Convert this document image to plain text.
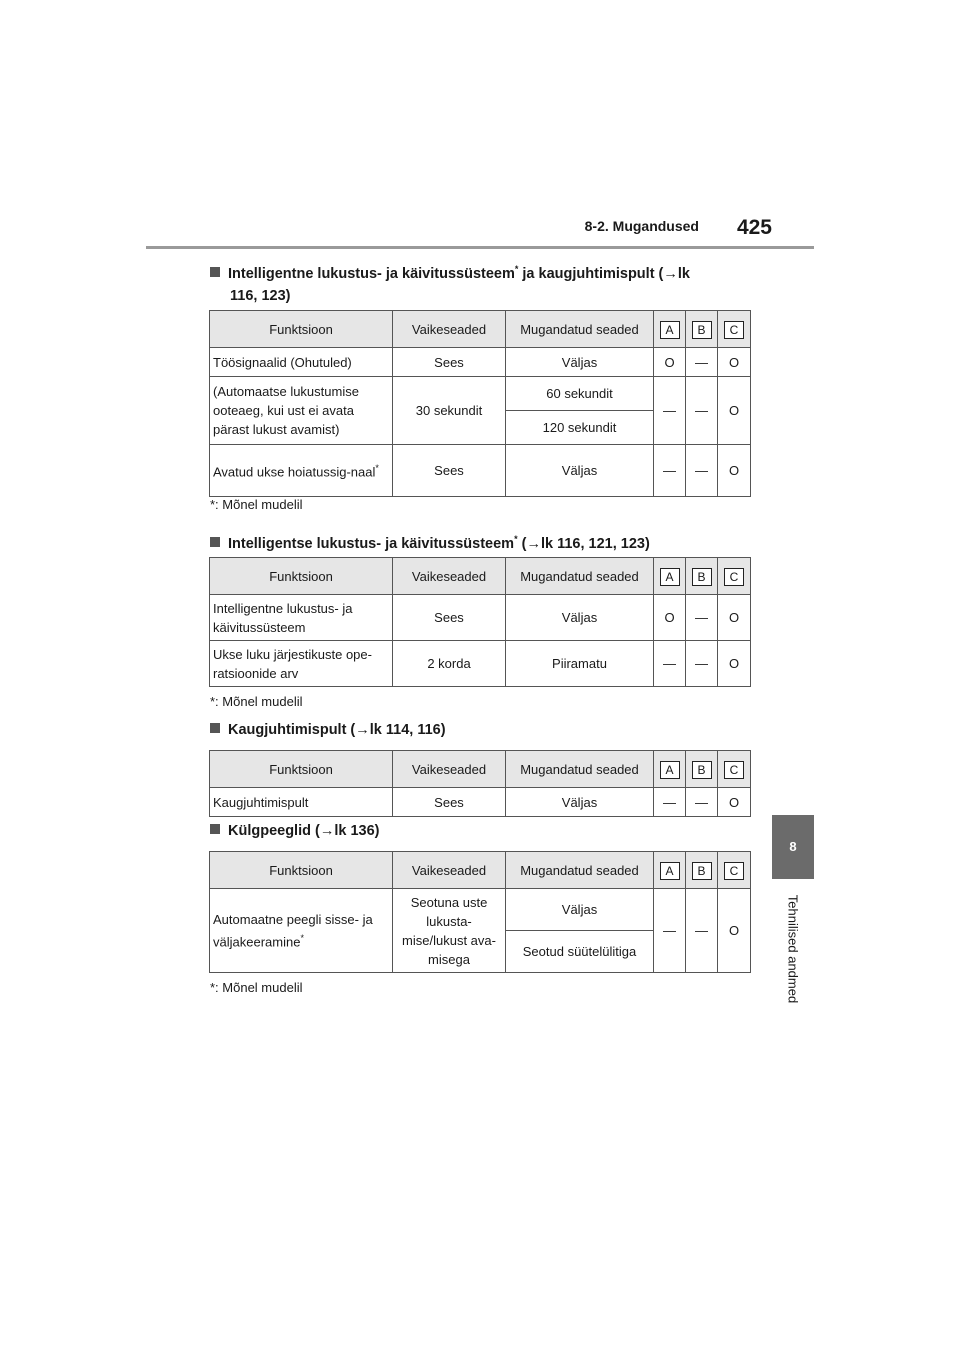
8-2. Mugandused 425
8
Tehnilised andmed
Intelligentne lukustus- ja käivitussüsteem* ja kaugjuhtimispult (→lk
116, 123)
Funktsioon	Vaikeseaded	Mugandatud seaded	A	B	C
Töösignaalid (Ohutuled)	Sees	Väljas	O	—	O
(Automaatse lukustumise ooteaeg, kui ust ei avata pärast lukust avamist)	30 sekundit	60 sekundit	—	—	O
		120 sekundit			
Avatud ukse hoiatussig-naal*	Sees	Väljas	—	—	O
*: Mõnel mudelil
Intelligentse lukustus- ja käivitussüsteem* (→lk 116, 121, 123)
Funktsioon	Vaikeseaded	Mugandatud seaded	A	B	C
Intelligentne lukustus- ja käivitussüsteem	Sees	Väljas	O	—	O
Ukse luku järjestikuste ope-ratsioonide arv	2 korda	Piiramatu	—	—	O
*: Mõnel mudelil
Kaugjuhtimispult (→lk 114, 116)
Funktsioon	Vaikeseaded	Mugandatud seaded	A	B	C
Kaugjuhtimispult	Sees	Väljas	—	—	O
Külgpeeglid (→lk 136)
Funktsioon	Vaikeseaded	Mugandatud seaded	A	B	C
Automaatne peegli sisse- ja väljakeeramine*	Seotuna uste lukusta-mise/lukust ava-misega	Väljas	—	—	O
		Seotud süütelülitiga			
*: Mõnel mudelil
